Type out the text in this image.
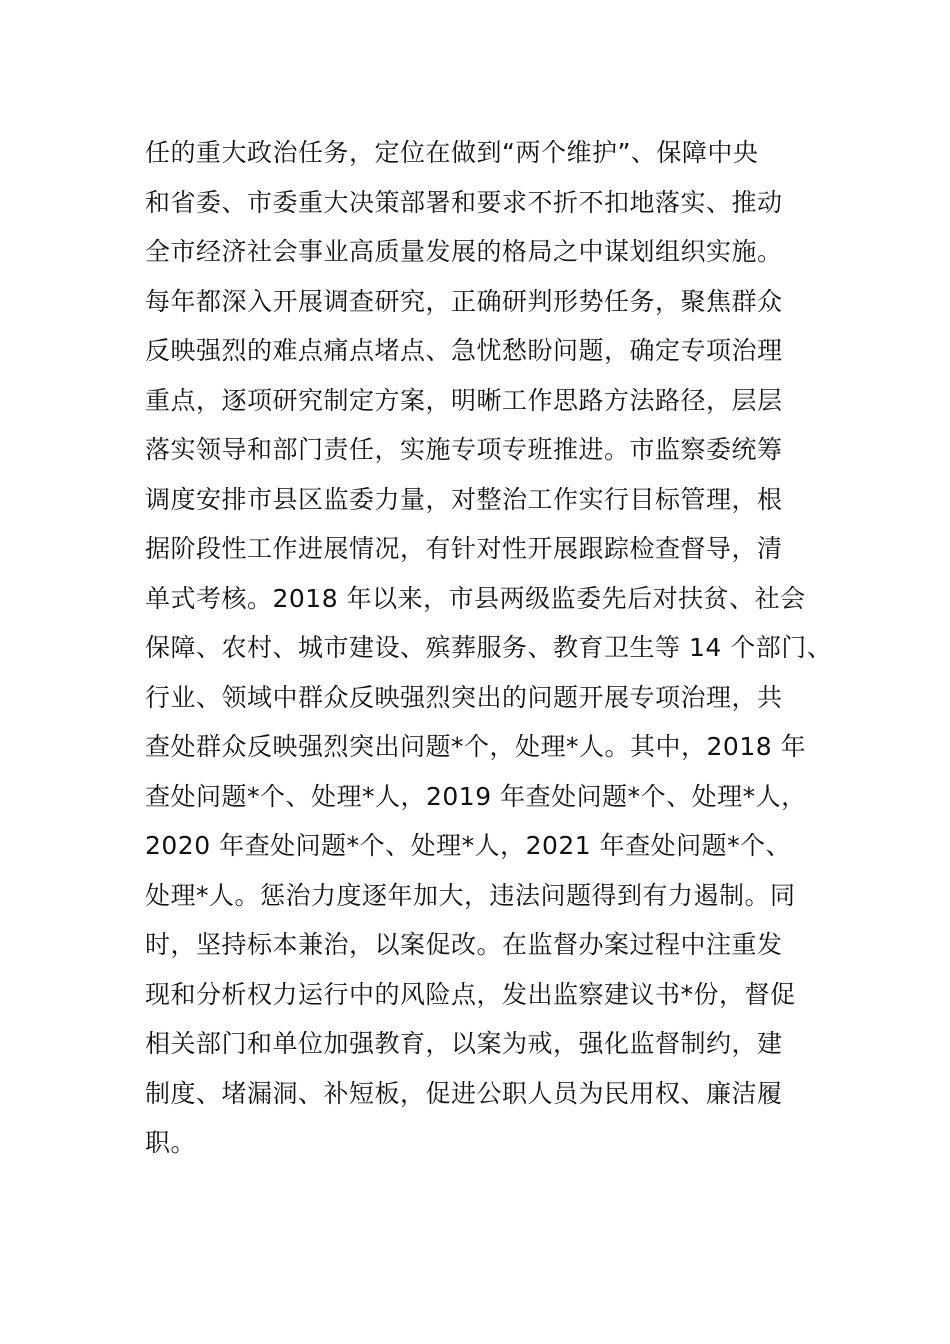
任的重大政治任务，定位在做到“两个维护”、保障中央
和省委、市委重大决策部署和要求不折不扣地落实、推动
全市经济社会事业高质量发展的格局之中谋划组织实施。
每年都深入开展调查研究，正确研判形势任务，聚焦群众
反映强烈的难点痛点堵点、急忧愁盼问题，确定专项治理
重点，逐项研究制定方案，明晰工作思路方法路径，层层
落实领导和部门责任，实施专项专班推进。市监察委统筹
调度安排市县区监委力量，对整治工作实行目标管理，根
据阶段性工作进展情况，有针对性开展跟踪检查督导，清
单式考核。2018 年以来，市县两级监委先后对扶贫、社会
保障、农村、城市建设、殡葬服务、教育卫生等 14 个部门、
行业、领域中群众反映强烈突出的问题开展专项治理，共
查处群众反映强烈突出问题*个，处理*人。其中，2018 年
查处问题*个、处理*人，2019 年查处问题*个、处理*人，
2020 年查处问题*个、处理*人，2021 年查处问题*个、
处理*人。惩治力度逐年加大，违法问题得到有力遏制。同
时，坚持标本兼治，以案促改。在监督办案过程中注重发
现和分析权力运行中的风险点，发出监察建议书*份，督促
相关部门和单位加强教育，以案为戒，强化监督制约，建
制度、堵漏洞、补短板，促进公职人员为民用权、廉洁履
职。
